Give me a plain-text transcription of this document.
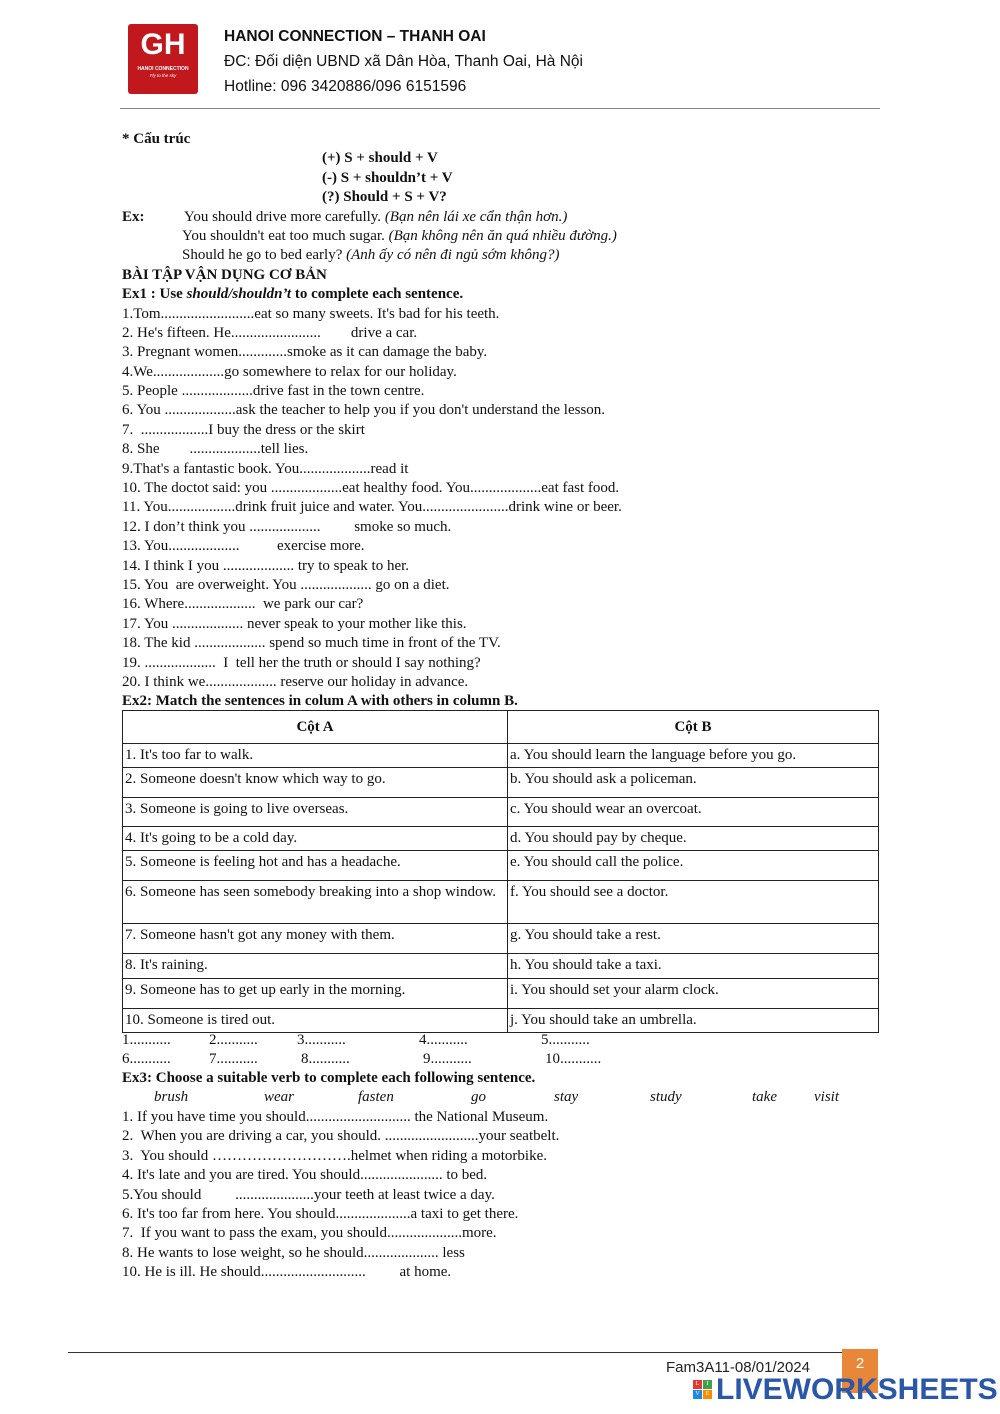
GH
HANOI CONNECTION
Fly to the sky
HANOI CONNECTION – THANH OAI
ĐC: Đối diện UBND xã Dân Hòa, Thanh Oai, Hà Nội
Hotline: 096 3420886/096 6151596
* Cấu trúc
(+) S + should + V
(-) S + shouldn’t + V
(?) Should + S + V?
Ex:	You should drive more carefully. (Bạn nên lái xe cẩn thận hơn.)
You shouldn't eat too much sugar. (Bạn không nên ăn quá nhiều đường.)
Should he go to bed early? (Anh ấy có nên đi ngủ sớm không?)
BÀI TẬP VẬN DỤNG CƠ BẢN
Ex1 : Use should/shouldn’t to complete each sentence.
1.Tom.........................eat so many sweets. It's bad for his teeth.
2. He's fifteen. He........................        drive a car.
3. Pregnant women.............smoke as it can damage the baby.
4.We...................go somewhere to relax for our holiday.
5. People ...................drive fast in the town centre.
6. You ...................ask the teacher to help you if you don't understand the lesson.
7.  ..................I buy the dress or the skirt
8. She        ...................tell lies.
9.That's a fantastic book. You...................read it
10. The doctot said: you ...................eat healthy food. You...................eat fast food.
11. You..................drink fruit juice and water. You.......................drink wine or beer.
12. I don’t think you ...................         smoke so much.
13. You...................          exercise more.
14. I think I you ................... try to speak to her.
15. You  are overweight. You ................... go on a diet.
16. Where...................  we park our car?
17. You ................... never speak to your mother like this.
18. The kid ................... spend so much time in front of the TV.
19. ...................  I  tell her the truth or should I say nothing?
20. I think we................... reserve our holiday in advance.
Ex2: Match the sentences in colum A with others in column B.
Cột A	Cột B
1. It's too far to walk.	a. You should learn the language before you go.
2. Someone doesn't know which way to go.	b. You should ask a policeman.
3. Someone is going to live overseas.	c. You should wear an overcoat.
4. It's going to be a cold day.	d. You should pay by cheque.
5. Someone is feeling hot and has a headache.	e. You should call the police.
6. Someone has seen somebody breaking into a shop window.	f. You should see a doctor.
7. Someone hasn't got any money with them.	g. You should take a rest.
8. It's raining.	h. You should take a taxi.
9. Someone has to get up early in the morning.	i. You should set your alarm clock.
10. Someone is tired out.	j. You should take an umbrella.
1...........	2...........	3...........	4...........	5...........
6...........	7...........	8...........	9...........	10...........
Ex3: Choose a suitable verb to complete each following sentence.
brush	wear	fasten	go	stay	study	take visit
1. If you have time you should............................ the National Museum.
2.  When you are driving a car, you should. .........................your seatbelt.
3.  You should ……………………….helmet when riding a motorbike.
4. It's late and you are tired. You should...................... to bed.
5.You should         .....................your teeth at least twice a day.
6. It's too far from here. You should....................a taxi to get there.
7.  If you want to pass the exam, you should....................more.
8. He wants to lose weight, so he should.................... less
10. He is ill. He should............................         at home.
Fam3A11-08/01/2024	2
L	I
V E LIVEWORKSHEETS
